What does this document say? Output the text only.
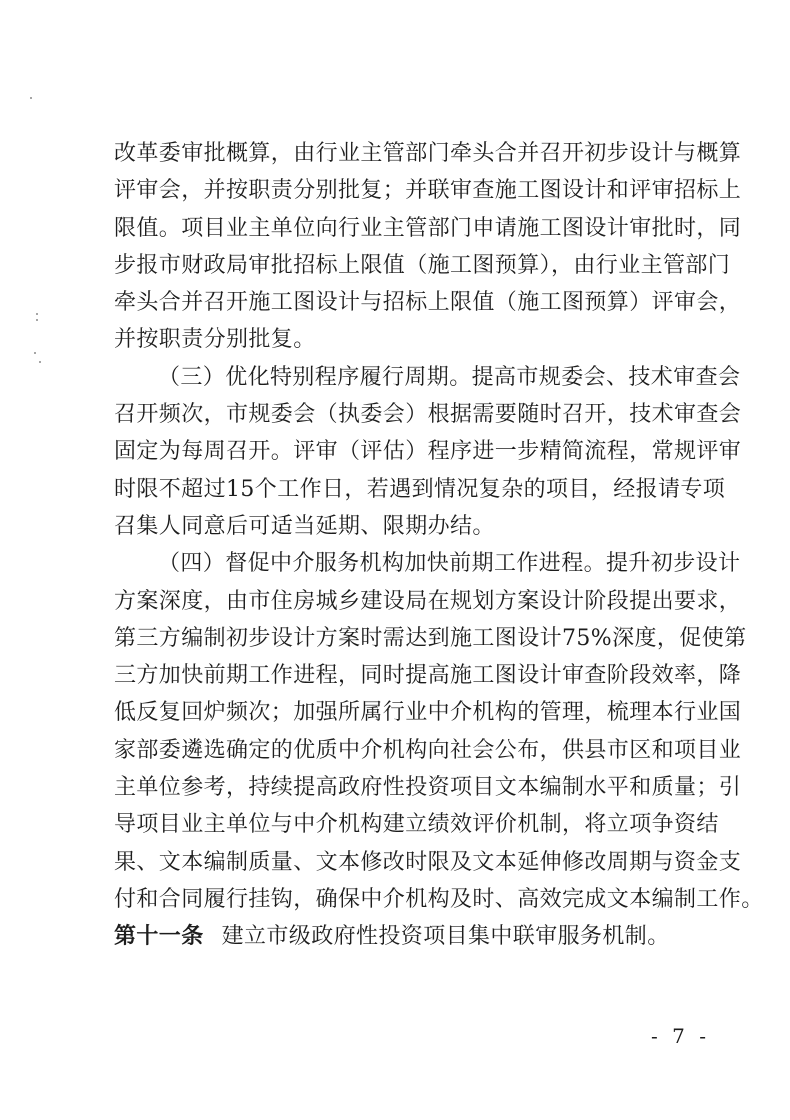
改革委审批概算，由行业主管部门牵头合并召开初步设计与概算
评审会，并按职责分别批复；并联审查施工图设计和评审招标上
限值。项目业主单位向行业主管部门申请施工图设计审批时，同
步报市财政局审批招标上限值（施工图预算），由行业主管部门
牵头合并召开施工图设计与招标上限值（施工图预算）评审会，
并按职责分别批复。
（三）优化特别程序履行周期。提高市规委会、技术审查会
召开频次，市规委会（执委会）根据需要随时召开，技术审查会
固定为每周召开。评审（评估）程序进一步精简流程，常规评审
时限不超过15个工作日，若遇到情况复杂的项目，经报请专项
召集人同意后可适当延期、限期办结。
（四）督促中介服务机构加快前期工作进程。提升初步设计
方案深度，由市住房城乡建设局在规划方案设计阶段提出要求，
第三方编制初步设计方案时需达到施工图设计75%深度，促使第
三方加快前期工作进程，同时提高施工图设计审查阶段效率，降
低反复回炉频次；加强所属行业中介机构的管理，梳理本行业国
家部委遴选确定的优质中介机构向社会公布，供县市区和项目业
主单位参考，持续提高政府性投资项目文本编制水平和质量；引
导项目业主单位与中介机构建立绩效评价机制，将立项争资结
果、文本编制质量、文本修改时限及文本延伸修改周期与资金支
付和合同履行挂钩，确保中介机构及时、高效完成文本编制工作。
第十一条 建立市级政府性投资项目集中联审服务机制。
- 7 -
